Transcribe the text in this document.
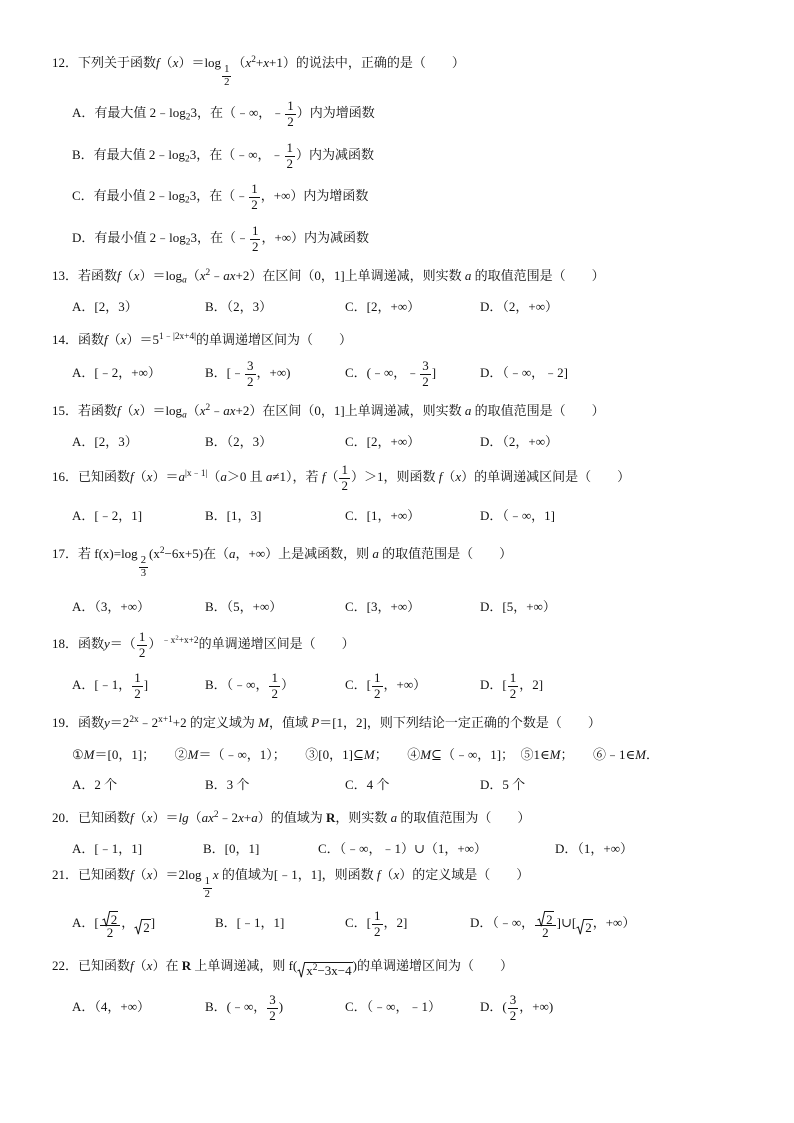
12．下列关于函数f（x）＝log
$\frac{1}{2}$
$(x^2+x+1)$的说法中，正确的是（　　）
A．有最大值 $2﹣\log_23$，在（﹣∞，﹣ $\frac{1}{2}$ ）内为增函数
B．有最大值 $2﹣\log_23$，在（﹣∞，﹣ $\frac{1}{2}$ ）内为减函数
C．有最小值 $2﹣\log_23$，在（﹣ $\frac{1}{2}$ ，+∞）内为增函数
D．有最小值 $2﹣\log_23$，在（﹣ $\frac{1}{2}$ ，+∞）内为减函数
13．若函数$f(x)=\log_a(x^2﹣ax+2)$在区间（0，1]上单调递减，则实数 a 的取值范围是（　　）
A．[2，3）	B．（2，3）	C．[2，+∞）	D．（2，+∞）
14．函数$f(x)=5^{1﹣|2x+4|}$的单调递增区间为（　　）
A．[﹣2，+∞）	B．[﹣ $\frac{3}{2}$ ，+∞)	C．(﹣∞，﹣ $\frac{3}{2}$ ]	D．（﹣∞，﹣2]
15．若函数$f(x)=\log_a(x^2﹣ax+2)$在区间（0，1]上单调递减，则实数 a 的取值范围是（　　）
A．[2，3）	B．（2，3）	C．[2，+∞）	D．（2，+∞）
16．已知函数$f(x)=a^{|x﹣1|}(a>0$ 且 a≠1），若 $f( \frac{1}{2} )>1$，则函数 f（x）的单调递减区间是（　　）
A．[﹣2，1]	B．[1，3]	C．[1，+∞）	D．（﹣∞，1]
17．若 f(x)=log
$\frac{2}{3}$
$(x^2-6x+5)$在（a，+∞）上是减函数，则 a 的取值范围是（　　）
A．（3，+∞）	B．（5，+∞）	C．[3，+∞）	D．[5，+∞）
18．函数$y=( \frac{1}{2} )^{﹣x^2+x+2}$的单调递增区间是（　　）
A．[﹣1， $\frac{1}{2}$ ]	B．（﹣∞， $\frac{1}{2}$ ）	C．[ $\frac{1}{2}$ ，+∞）	D．[ $\frac{1}{2}$ ，2]
19．函数$y=2^{2x}﹣2^{x+1}+2$ 的定义域为 M，值域 P＝[1，2]，则下列结论一定正确的个数是（　　）
①M＝[0，1]；　　②M＝（﹣∞，1）；　　③[0，1]⊆M；　　④M⊆（﹣∞，1]；　⑤1∈M；　　⑥﹣1∈M．
A．2 个	B．3 个	C．4 个	D．5 个
20．已知函数$f(x)=\lg(ax^2﹣2x+a)$的值域为 R，则实数 a 的取值范围为（　　）
A．[﹣1，1]	B．[0，1]	C．（﹣∞，﹣1）∪（1，+∞）	D．（1，+∞）
21．已知函数f（x）＝2log
$\frac{1}{2}$
x 的值域为[﹣1，1]，则函数 f（x）的定义域是（　　）
A．[ $\frac{2}{2}$ ， 2]	B．[﹣1，1]	C．[ $\frac{1}{2}$ ，2]	D．（﹣∞， $\frac{2}{2}$ ]∪[ 2，+∞）
22．已知函数f（x）在 R 上单调递减，则 f( $x^2-3x-4$)的单调递增区间为（　　）
A．（4，+∞）	B．(﹣∞， $\frac{3}{2}$ )	C．（﹣∞，﹣1）	D．( $\frac{3}{2}$ ，+∞)
